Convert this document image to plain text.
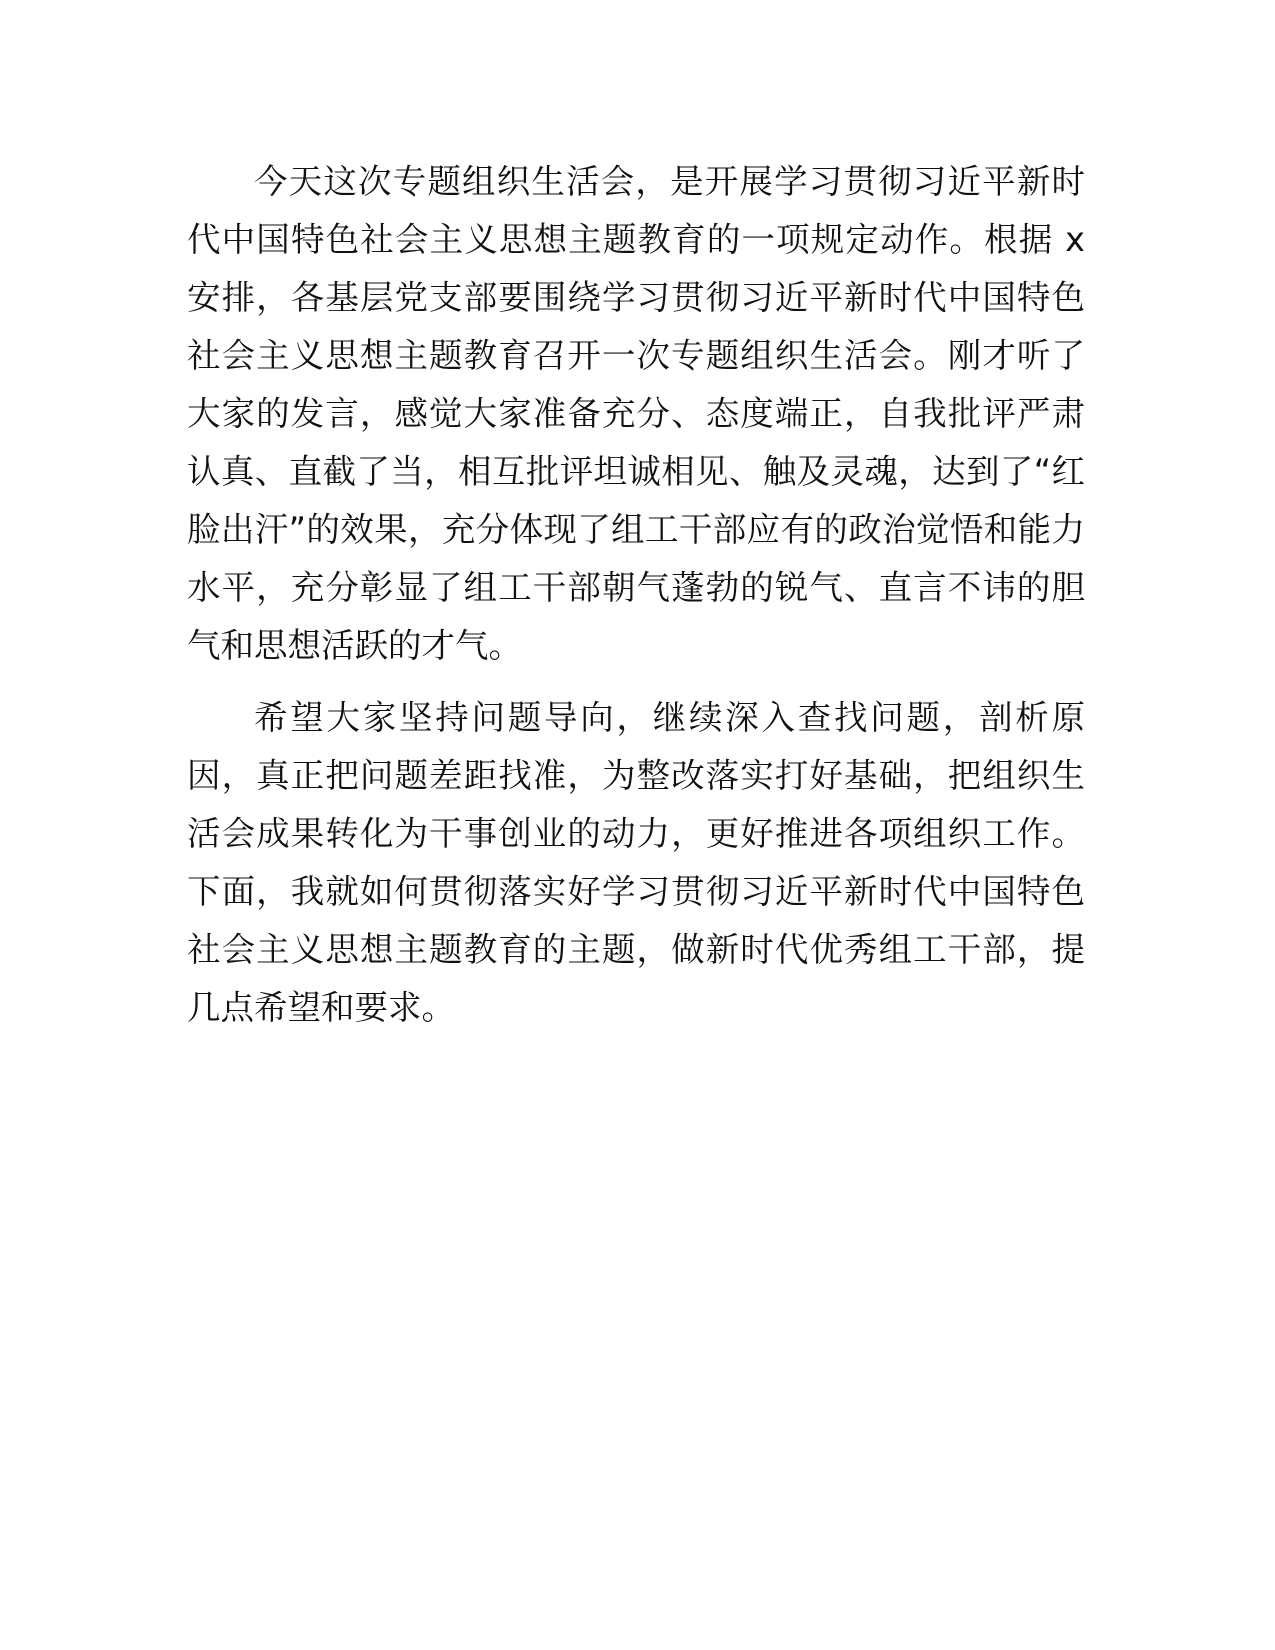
今天这次专题组织生活会，是开展学习贯彻习近平新时代中国特色社会主义思想主题教育的一项规定动作。根据 x 安排，各基层党支部要围绕学习贯彻习近平新时代中国特色社会主义思想主题教育召开一次专题组织生活会。刚才听了大家的发言，感觉大家准备充分、态度端正，自我批评严肃认真、直截了当，相互批评坦诚相见、触及灵魂，达到了“红脸出汗”的效果，充分体现了组工干部应有的政治觉悟和能力水平，充分彰显了组工干部朝气蓬勃的锐气、直言不讳的胆气和思想活跃的才气。

希望大家坚持问题导向，继续深入查找问题，剖析原因，真正把问题差距找准，为整改落实打好基础，把组织生活会成果转化为干事创业的动力，更好推进各项组织工作。下面，我就如何贯彻落实好学习贯彻习近平新时代中国特色社会主义思想主题教育的主题，做新时代优秀组工干部，提几点希望和要求。
